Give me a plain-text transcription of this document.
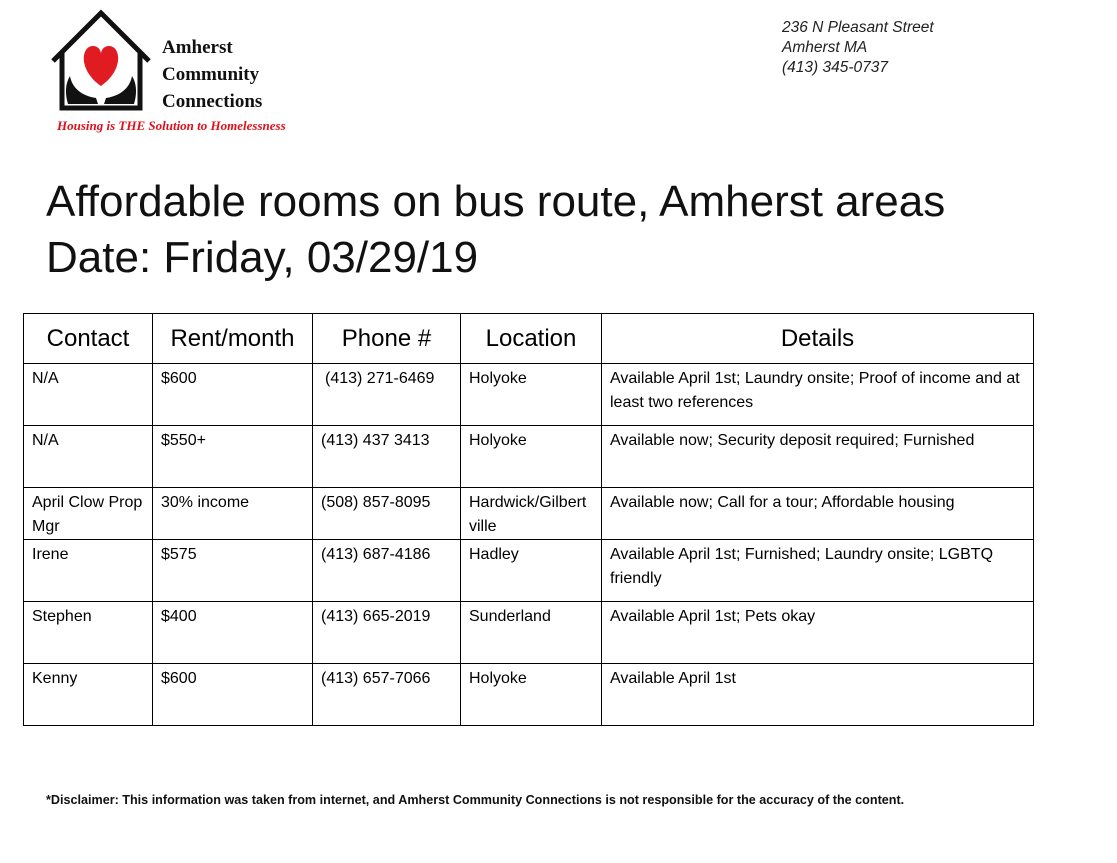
Amherst
Community
Connections
Housing is THE Solution to Homelessness
236 N Pleasant Street
Amherst MA
(413) 345-0737
Affordable rooms on bus route, Amherst areas
Date: Friday, 03/29/19
Contact	Rent/month	Phone #	Location	Details
N/A	$600	(413) 271-6469	Holyoke	Available April 1st; Laundry onsite; Proof of income and at least two references
N/A	$550+	(413) 437 3413	Holyoke	Available now; Security deposit required; Furnished
April Clow Prop Mgr	30% income	(508) 857-8095	Hardwick/Gilbertville	Available now; Call for a tour; Affordable housing
Irene	$575	(413) 687-4186	Hadley	Available April 1st; Furnished; Laundry onsite; LGBTQ friendly
Stephen	$400	(413) 665-2019	Sunderland	Available April 1st; Pets okay
Kenny	$600	(413) 657-7066	Holyoke	Available April 1st
*Disclaimer: This information was taken from internet, and Amherst Community Connections is not responsible for the accuracy of the content.
